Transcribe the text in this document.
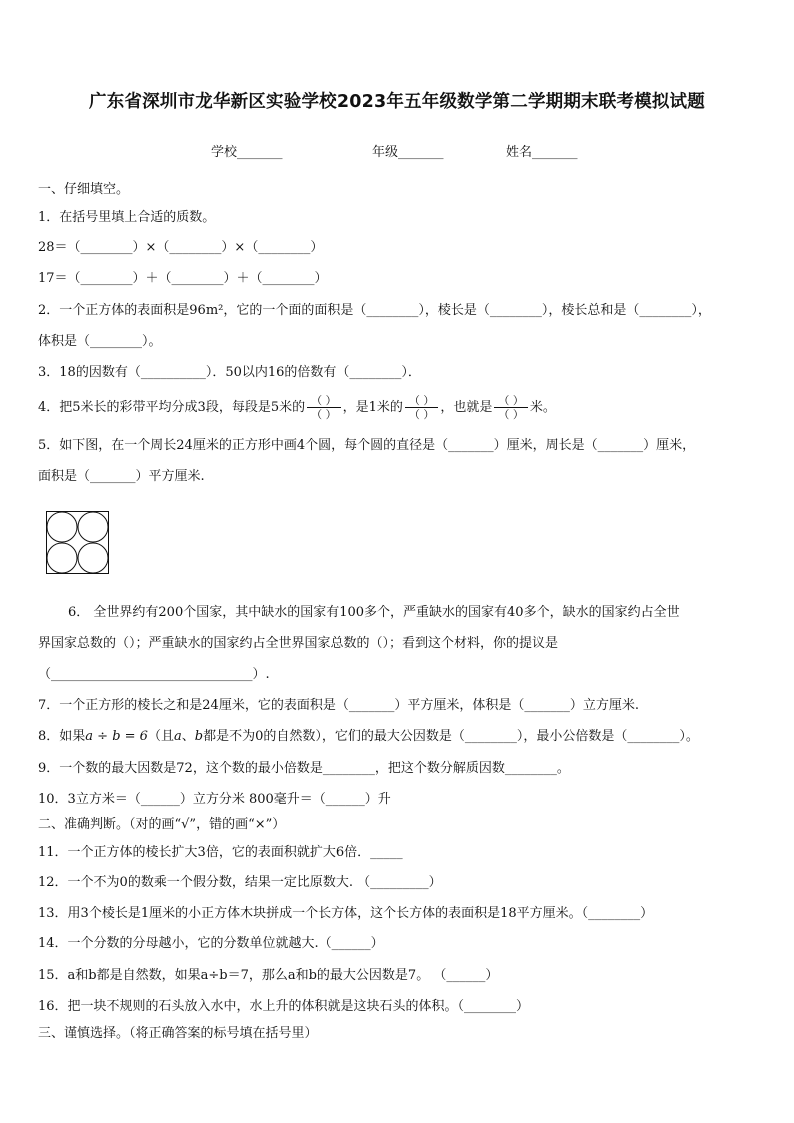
广东省深圳市龙华新区实验学校2023年五年级数学第二学期期末联考模拟试题
学校_______	年级_______	姓名_______
一、仔细填空。
1．在括号里填上合适的质数。
28＝（________）×（________）×（________）
17＝（________）＋（________）＋（________）
2．一个正方体的表面积是96m²，它的一个面的面积是（________），棱长是（________），棱长总和是（________），
体积是（________）。
3．18的因数有（__________）．50以内16的倍数有（________）．
4．把5米长的彩带平均分成3段，每段是5米的 $\frac{( )}{( )}$ ，是1米的 $\frac{( )}{( )}$ ，也就是 $\frac{( )}{( )}$ 米。
5．如下图，在一个周长24厘米的正方形中画4个圆，每个圆的直径是（_______）厘米，周长是（_______）厘米，
面积是（_______）平方厘米.
6． 全世界约有200个国家，其中缺水的国家有100多个，严重缺水的国家有40多个，缺水的国家约占全世
界国家总数的（）；严重缺水的国家约占全世界国家总数的（）；看到这个材料，你的提议是
（_______________________________）.
7．一个正方形的棱长之和是24厘米，它的表面积是（_______）平方厘米，体积是（_______）立方厘米.
8．如果a ÷ b = 6（且a、b都是不为0的自然数），它们的最大公因数是（________），最小公倍数是（________）。
9．一个数的最大因数是72，这个数的最小倍数是________，把这个数分解质因数________。
10．3立方米＝（______）立方分米 800毫升＝（______）升
二、准确判断。（对的画“√”，错的画“×”）
11．一个正方体的棱长扩大3倍，它的表面积就扩大6倍．_____
12．一个不为0的数乘一个假分数，结果一定比原数大. （_________）
13．用3个棱长是1厘米的小正方体木块拼成一个长方体，这个长方体的表面积是18平方厘米。（________）
14．一个分数的分母越小，它的分数单位就越大.（______）
15．a和b都是自然数，如果a÷b＝7，那么a和b的最大公因数是7。 （______）
16．把一块不规则的石头放入水中，水上升的体积就是这块石头的体积。（________）
三、谨慎选择。（将正确答案的标号填在括号里）
